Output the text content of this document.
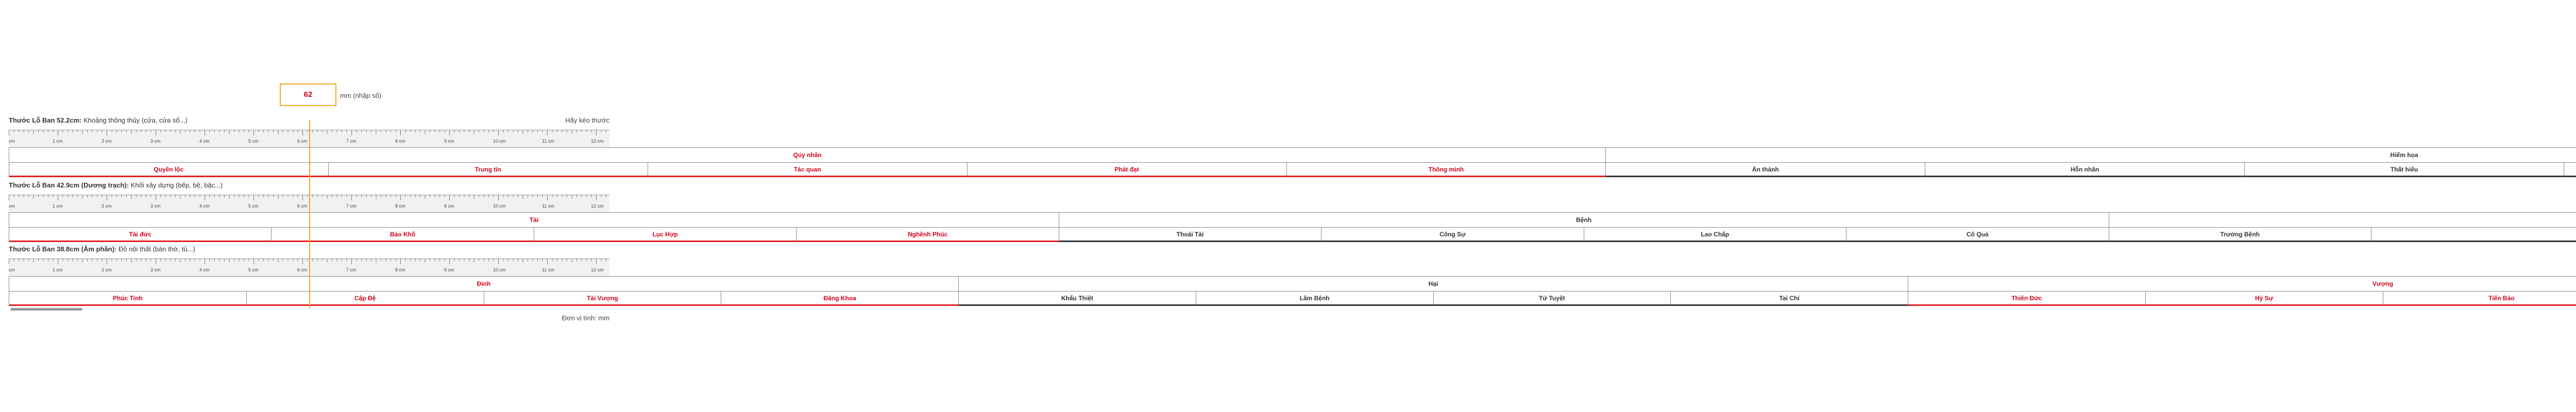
62	mm (nhập số)
Hãy kéo thước
Thước Lỗ Ban 52.2cm: Khoảng thông thủy (cửa, cửa sổ...)
cm	1 cm	2 cm	3 cm	4 cm	5 cm	6 cm	7 cm	8 cm	9 cm	10 cm	11 cm	12 cm
Qúy nhân	Hiểm họa
Quyền lộc	Trung tín	Tác quan	Phát đạt	Thông minh	Án thành	Hỗn nhân	Thất hiếu
Thước Lỗ Ban 42.9cm (Dương trạch): Khối xây dựng (bếp, bệ, bậc...)
cm	1 cm	2 cm	3 cm	4 cm	5 cm	6 cm	7 cm	8 cm	9 cm	10 cm	11 cm	12 cm
Tài	Bệnh
Tài đức	Bảo Khố	Lục Hợp	Nghênh Phúc	Thoái Tài	Công Sự	Lao Chấp	Cô Quả	Trường Bệnh
Thước Lỗ Ban 38.8cm (Âm phần): Đồ nội thất (bàn thờ, tủ...)
cm	1 cm	2 cm	3 cm	4 cm	5 cm	6 cm	7 cm	8 cm	9 cm	10 cm	11 cm	12 cm
Đinh	Hại	Vượng
Phúc Tinh	Cập Đệ	Tài Vượng	Đăng Khoa	Khẩu Thiệt	Lâm Bệnh	Tử Tuyệt	Tai Chí	Thiên Đức	Hỷ Sự	Tiến Bảo
Đơn vị tính: mm
